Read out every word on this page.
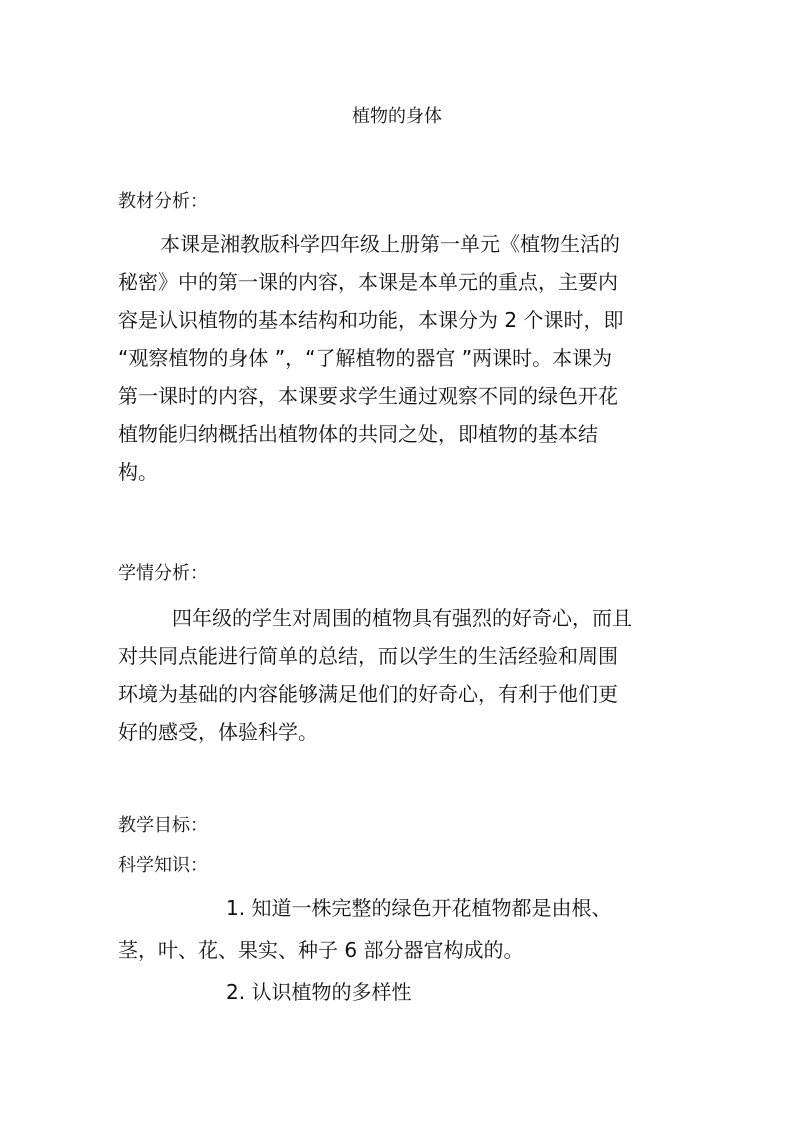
植物的身体
教材分析：
本课是湘教版科学四年级上册第一单元《植物生活的
秘密》中的第一课的内容，本课是本单元的重点，主要内
容是认识植物的基本结构和功能，本课分为 2 个课时，即
“观察植物的身体 ”，“了解植物的器官 ”两课时。本课为
第一课时的内容，本课要求学生通过观察不同的绿色开花
植物能归纳概括出植物体的共同之处，即植物的基本结
构。
学情分析：
四年级的学生对周围的植物具有强烈的好奇心，而且
对共同点能进行简单的总结，而以学生的生活经验和周围
环境为基础的内容能够满足他们的好奇心，有利于他们更
好的感受，体验科学。
教学目标：
科学知识：
1. 知道一株完整的绿色开花植物都是由根、
茎，叶、花、果实、种子 6 部分器官构成的。
2. 认识植物的多样性
